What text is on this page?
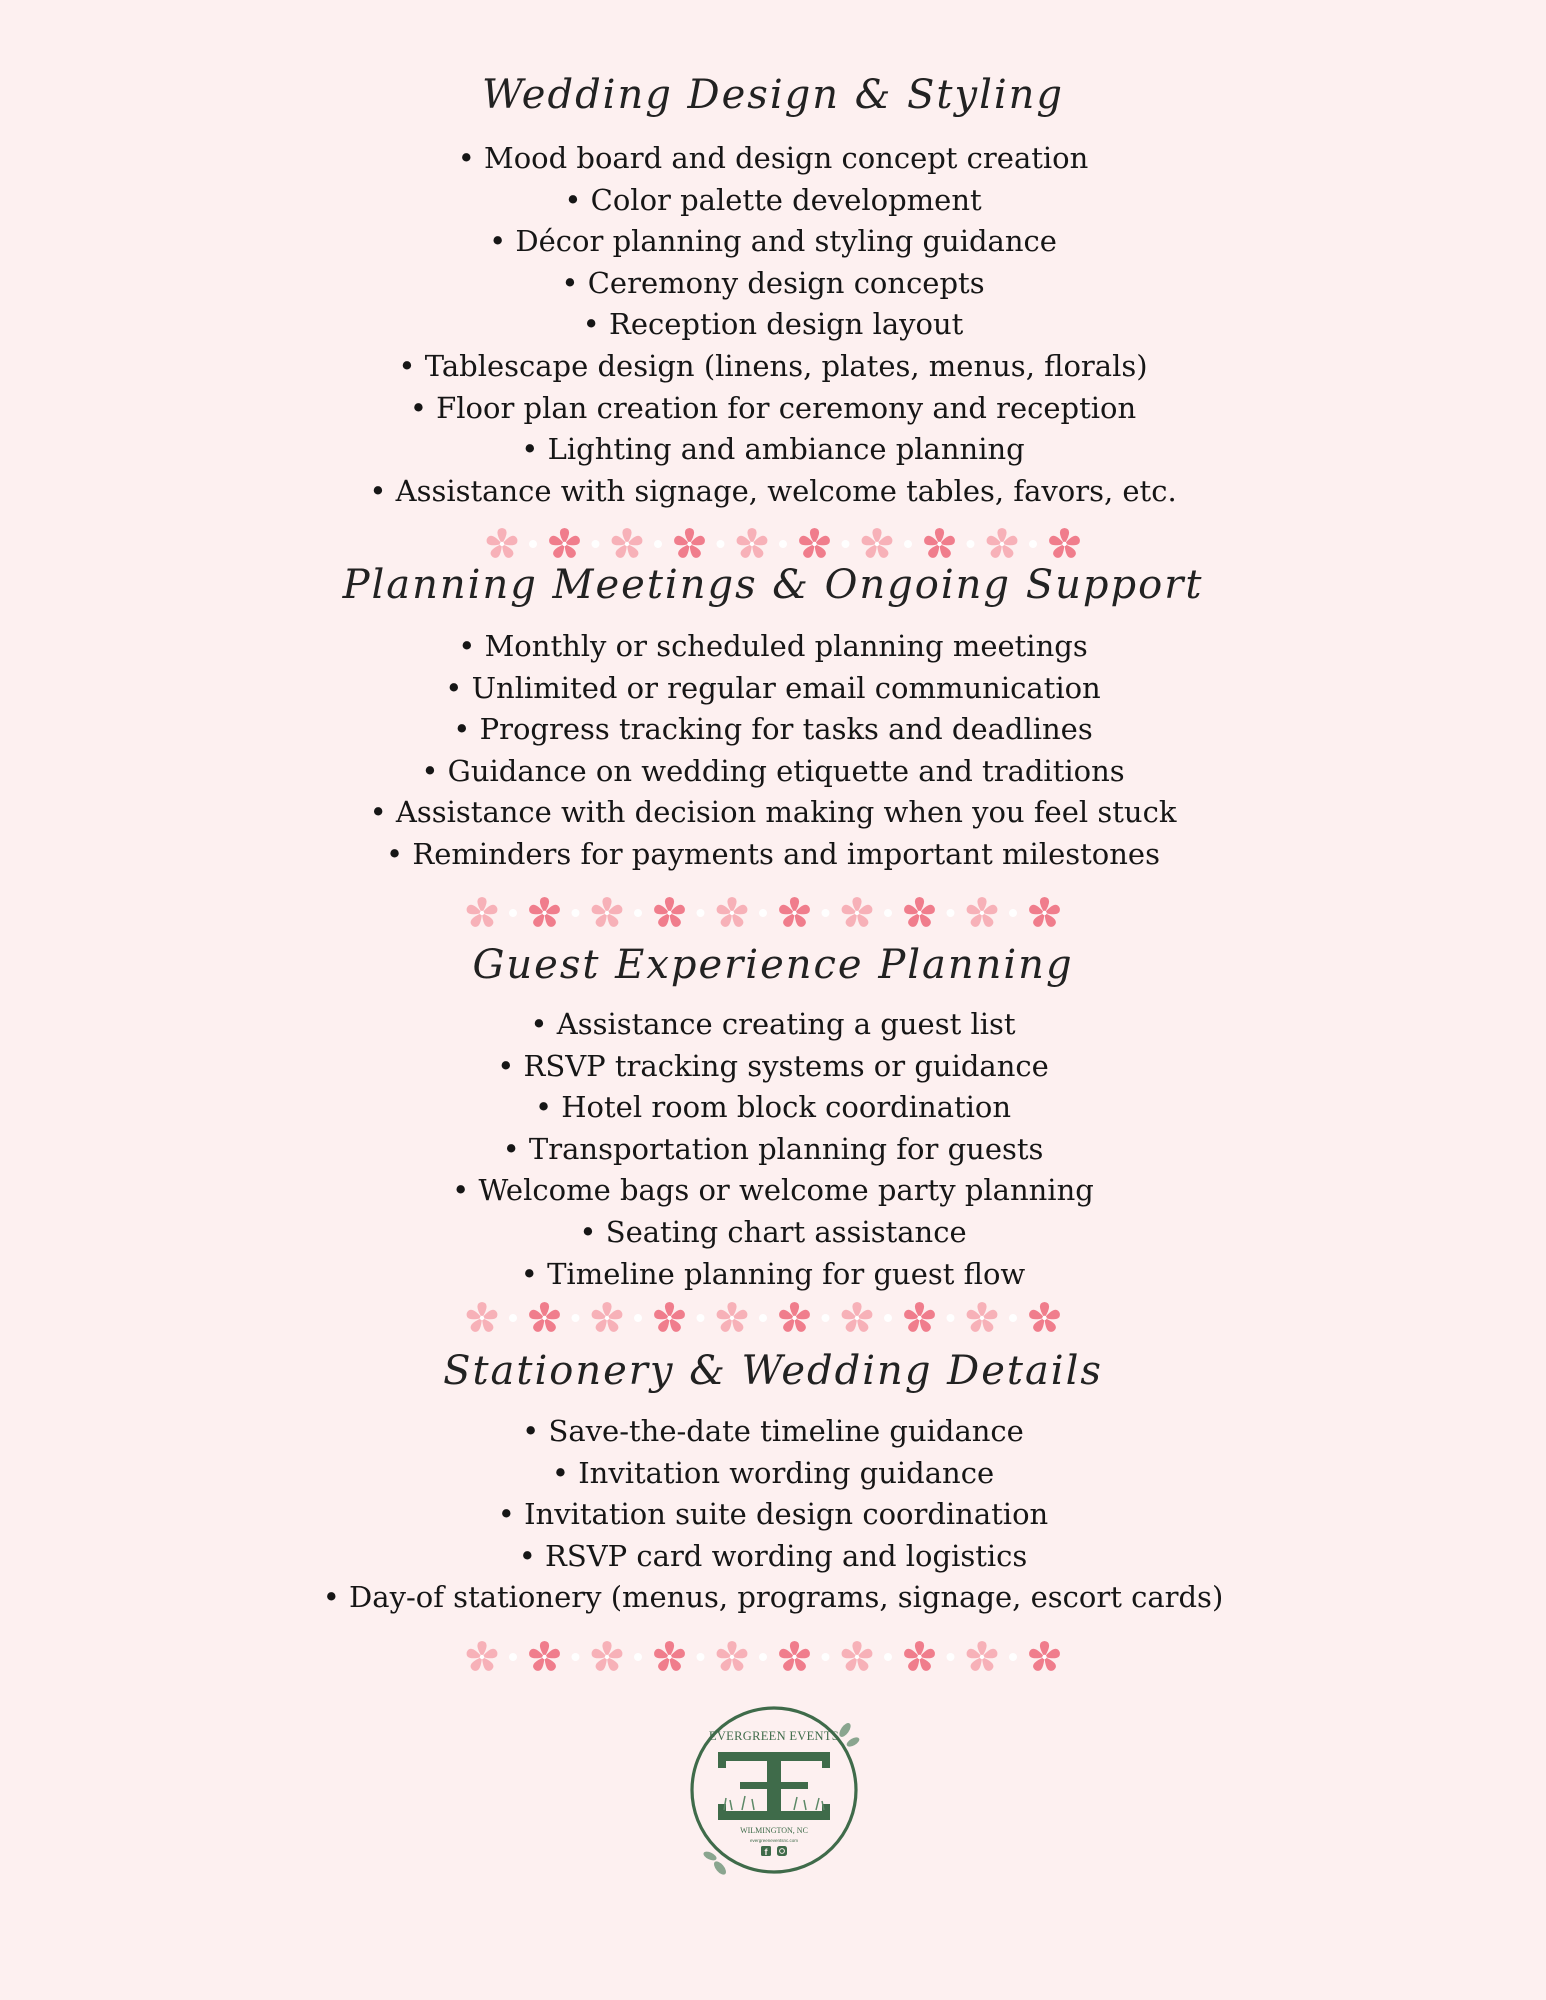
Wedding Design & Styling
• Mood board and design concept creation
• Color palette development
• Décor planning and styling guidance
• Ceremony design concepts
• Reception design layout
• Tablescape design (linens, plates, menus, florals)
• Floor plan creation for ceremony and reception
• Lighting and ambiance planning
• Assistance with signage, welcome tables, favors, etc.
Planning Meetings & Ongoing Support
• Monthly or scheduled planning meetings
• Unlimited or regular email communication
• Progress tracking for tasks and deadlines
• Guidance on wedding etiquette and traditions
• Assistance with decision making when you feel stuck
• Reminders for payments and important milestones
Guest Experience Planning
• Assistance creating a guest list
• RSVP tracking systems or guidance
• Hotel room block coordination
• Transportation planning for guests
• Welcome bags or welcome party planning
• Seating chart assistance
• Timeline planning for guest flow
Stationery & Wedding Details
• Save-the-date timeline guidance
• Invitation wording guidance
• Invitation suite design coordination
• RSVP card wording and logistics
• Day-of stationery (menus, programs, signage, escort cards)
EVERGREEN EVENTS
WILMINGTON, NC
evergreeneventsnc.com
f
